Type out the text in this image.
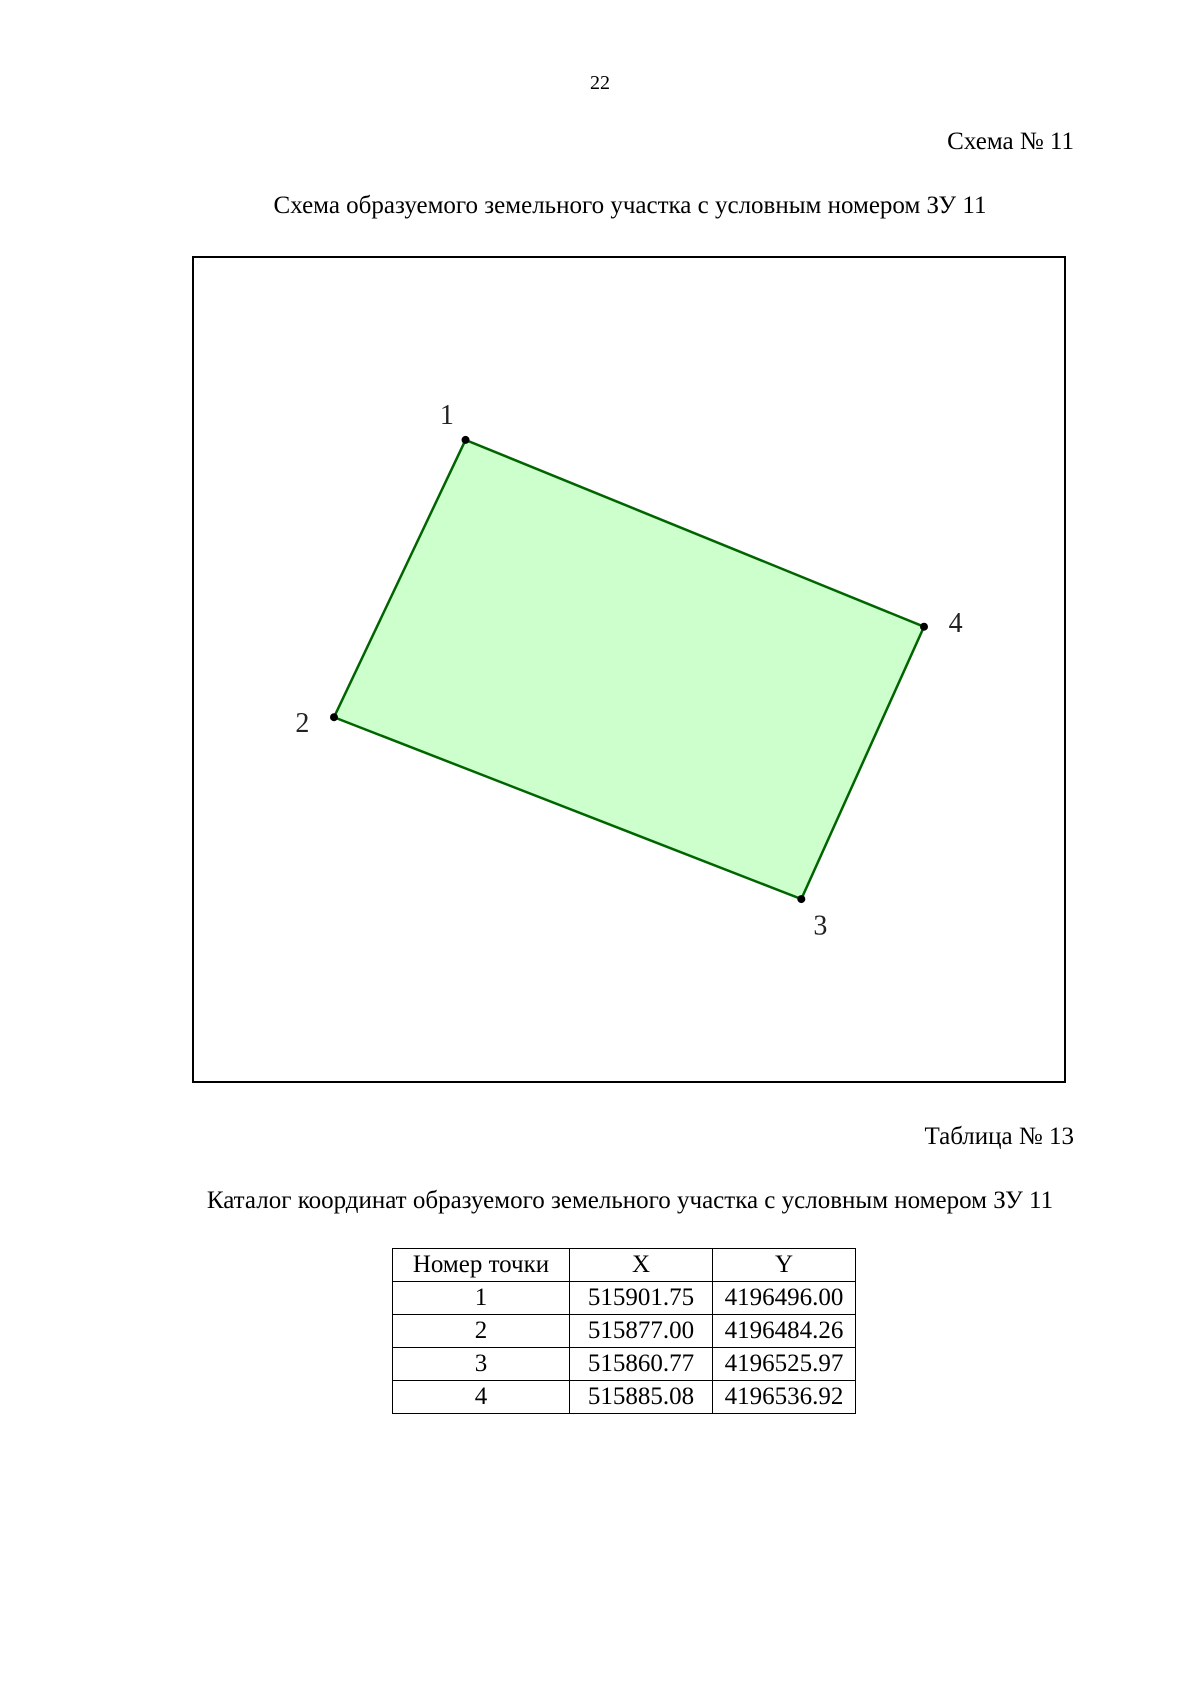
22
Схема № 11
Схема образуемого земельного участка с условным номером ЗУ 11
1
2
3
4
Таблица № 13
Каталог координат образуемого земельного участка с условным номером ЗУ 11
Номер точки	X	Y
1	515901.75	4196496.00
2	515877.00	4196484.26
3	515860.77	4196525.97
4	515885.08	4196536.92
